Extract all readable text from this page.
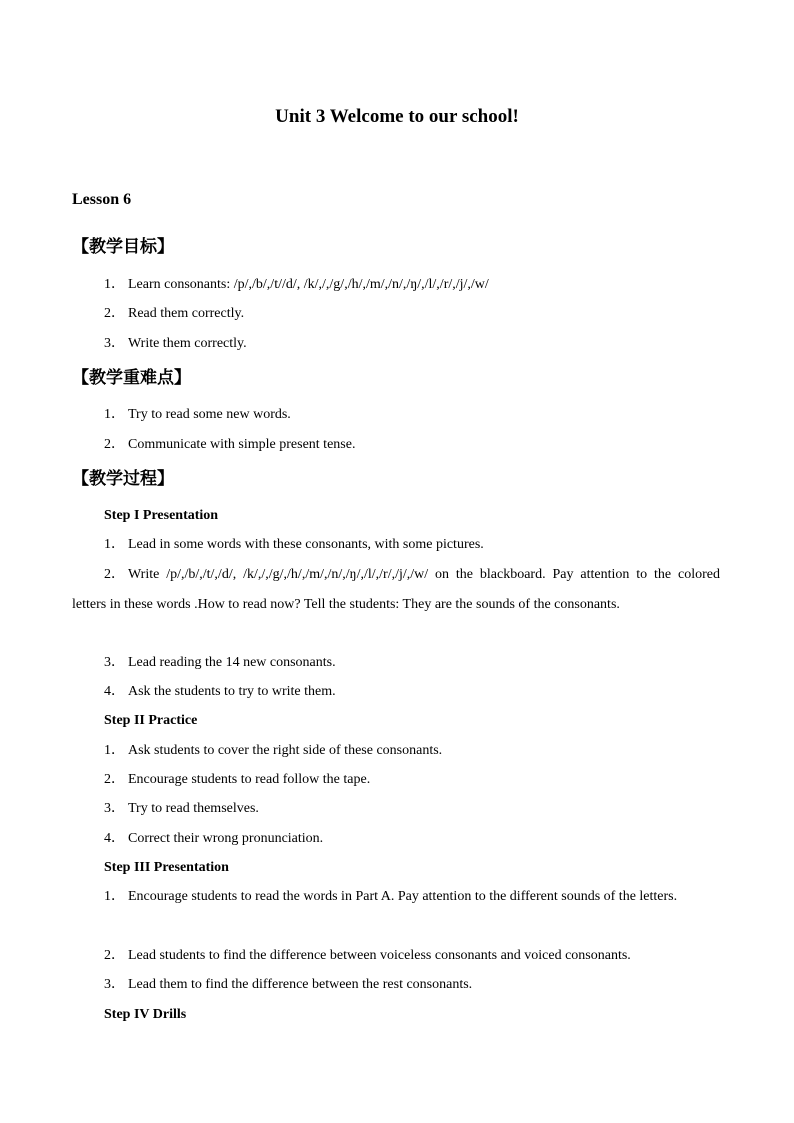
Unit 3 Welcome to our school!
Lesson 6
【教学目标】
1． Learn consonants: /p/,/b/,/t//d/, /k/,/,/g/,/h/,/m/,/n/,/ŋ/,/l/,/r/,/j/,/w/
2． Read them correctly.
3． Write them correctly.
【教学重难点】
1． Try to read some new words.
2． Communicate with simple present tense.
【教学过程】
Step I Presentation
1． Lead in some words with these consonants, with some pictures.
2． Write /p/,/b/,/t/,/d/, /k/,/,/g/,/h/,/m/,/n/,/ŋ/,/l/,/r/,/j/,/w/ on the blackboard. Pay attention to the colored letters in these words .How to read now? Tell the students: They are the sounds of the consonants.
3． Lead reading the 14 new consonants.
4． Ask the students to try to write them.
Step II Practice
1． Ask students to cover the right side of these consonants.
2． Encourage students to read follow the tape.
3． Try to read themselves.
4． Correct their wrong pronunciation.
Step III Presentation
1． Encourage students to read the words in Part A. Pay attention to the different sounds of the letters.
2． Lead students to find the difference between voiceless consonants and voiced consonants.
3． Lead them to find the difference between the rest consonants.
Step IV Drills
